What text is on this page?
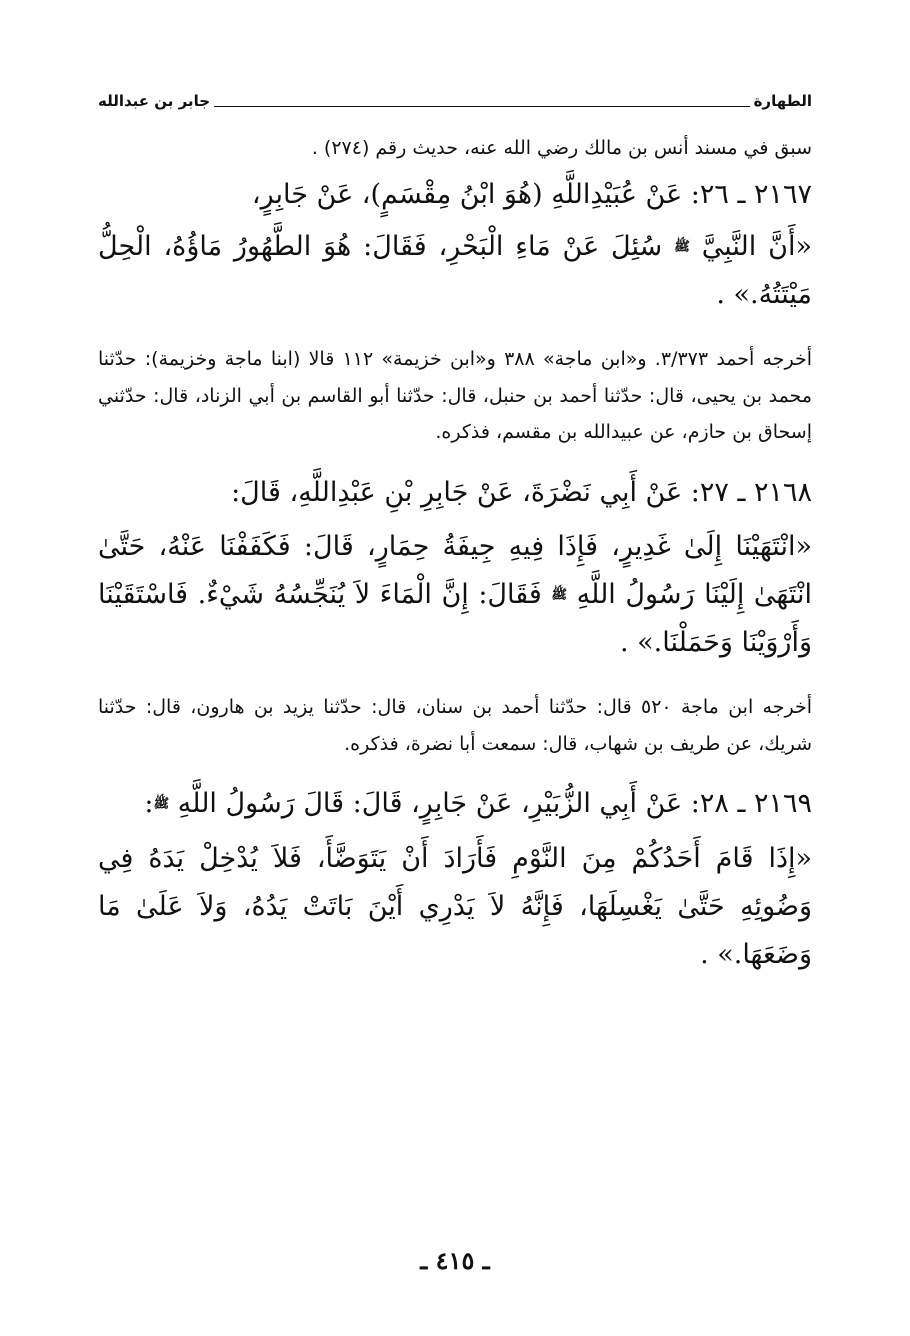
الطهارة
جابر بن عبدالله

سبق في مسند أنس بن مالك رضي الله عنه، حديث رقم (٢٧٤) .

٢١٦٧ ـ ٢٦: عَنْ عُبَيْدِاللَّهِ (هُوَ ابْنُ مِقْسَمٍ)، عَنْ جَابِرٍ،

«أَنَّ النَّبِيَّ ﷺ سُئِلَ عَنْ مَاءِ الْبَحْرِ، فَقَالَ: هُوَ الطَّهُورُ مَاؤُهُ، الْحِلُّ مَيْتَتُهُ.» .

أخرجه أحمد ٣/٣٧٣. و«ابن ماجة» ٣٨٨ و«ابن خزيمة» ١١٢ قالا (ابنا ماجة وخزيمة): حدّثنا محمد بن يحيى، قال: حدّثنا أحمد بن حنبل، قال: حدّثنا أبو القاسم بن أبي الزناد، قال: حدّثني إسحاق بن حازم، عن عبيدالله بن مقسم، فذكره.

٢١٦٨ ـ ٢٧: عَنْ أَبِي نَضْرَةَ، عَنْ جَابِرِ بْنِ عَبْدِاللَّهِ، قَالَ:

«انْتَهَيْنَا إِلَىٰ غَدِيرٍ، فَإِذَا فِيهِ جِيفَةُ حِمَارٍ، قَالَ: فَكَفَفْنَا عَنْهُ، حَتَّىٰ انْتَهَىٰ إِلَيْنَا رَسُولُ اللَّهِ ﷺ فَقَالَ: إِنَّ الْمَاءَ لاَ يُنَجِّسُهُ شَيْءٌ. فَاسْتَقَيْنَا وَأَرْوَيْنَا وَحَمَلْنَا.» .

أخرجه ابن ماجة ٥٢٠ قال: حدّثنا أحمد بن سنان، قال: حدّثنا يزيد بن هارون، قال: حدّثنا شريك، عن طريف بن شهاب، قال: سمعت أبا نضرة، فذكره.

٢١٦٩ ـ ٢٨: عَنْ أَبِي الزُّبَيْرِ، عَنْ جَابِرٍ، قَالَ: قَالَ رَسُولُ اللَّهِ ﷺ:

«إِذَا قَامَ أَحَدُكُمْ مِنَ النَّوْمِ فَأَرَادَ أَنْ يَتَوَضَّأَ، فَلاَ يُدْخِلْ يَدَهُ فِي وَضُوئِهِ حَتَّىٰ يَغْسِلَهَا، فَإِنَّهُ لاَ يَدْرِي أَيْنَ بَاتَتْ يَدُهُ، وَلاَ عَلَىٰ مَا وَضَعَهَا.» .

ـ ٤١٥ ـ
